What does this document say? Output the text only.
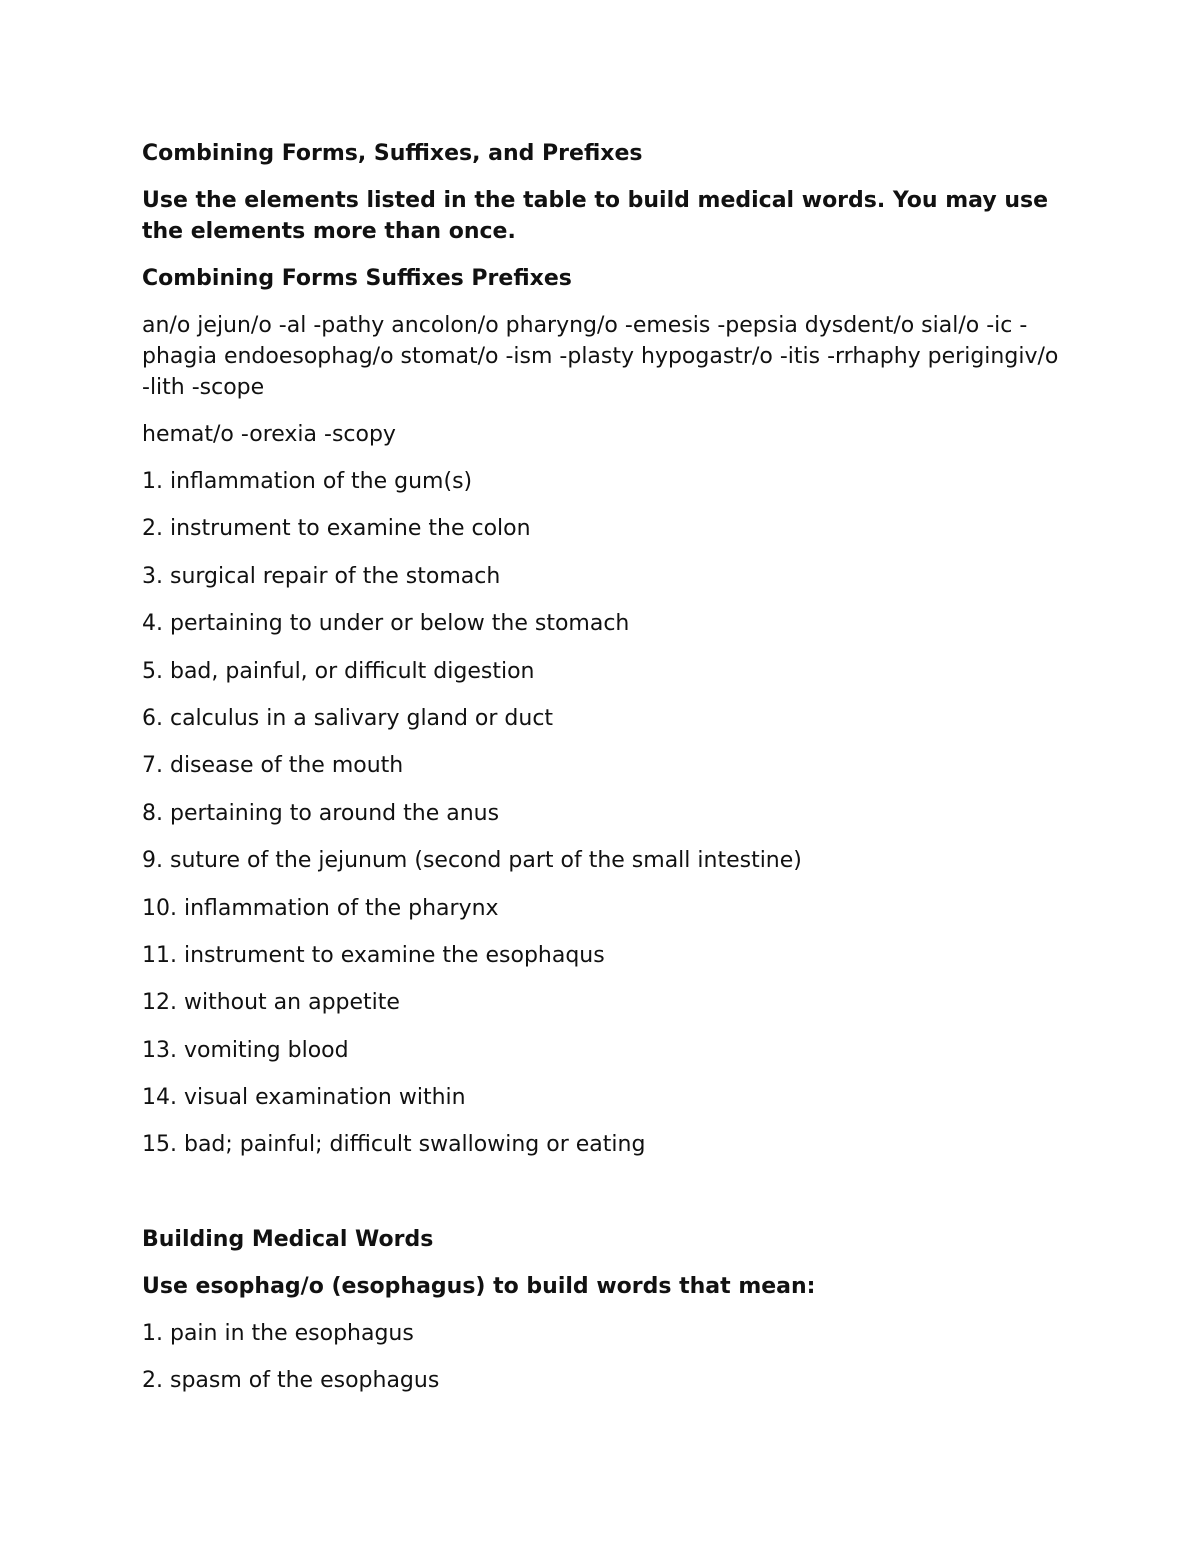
Combining Forms, Suffixes, and Prefixes

Use the elements listed in the table to build medical words. You may use the elements more than once.

Combining Forms Suffixes Prefixes

an/o jejun/o -al -pathy ancolon/o pharyng/o -emesis -pepsia dysdent/o sial/o -ic -phagia endoesophag/o stomat/o -ism -plasty hypogastr/o -itis -rrhaphy perigingiv/o -lith -scope

hemat/o -orexia -scopy

1. inflammation of the gum(s)

2. instrument to examine the colon

3. surgical repair of the stomach

4. pertaining to under or below the stomach

5. bad, painful, or difficult digestion

6. calculus in a salivary gland or duct

7. disease of the mouth

8. pertaining to around the anus

9. suture of the jejunum (second part of the small intestine)

10. inflammation of the pharynx

11. instrument to examine the esophaqus

12. without an appetite

13. vomiting blood

14. visual examination within

15. bad; painful; difficult swallowing or eating

Building Medical Words

Use esophag/o (esophagus) to build words that mean:

1. pain in the esophagus

2. spasm of the esophagus
